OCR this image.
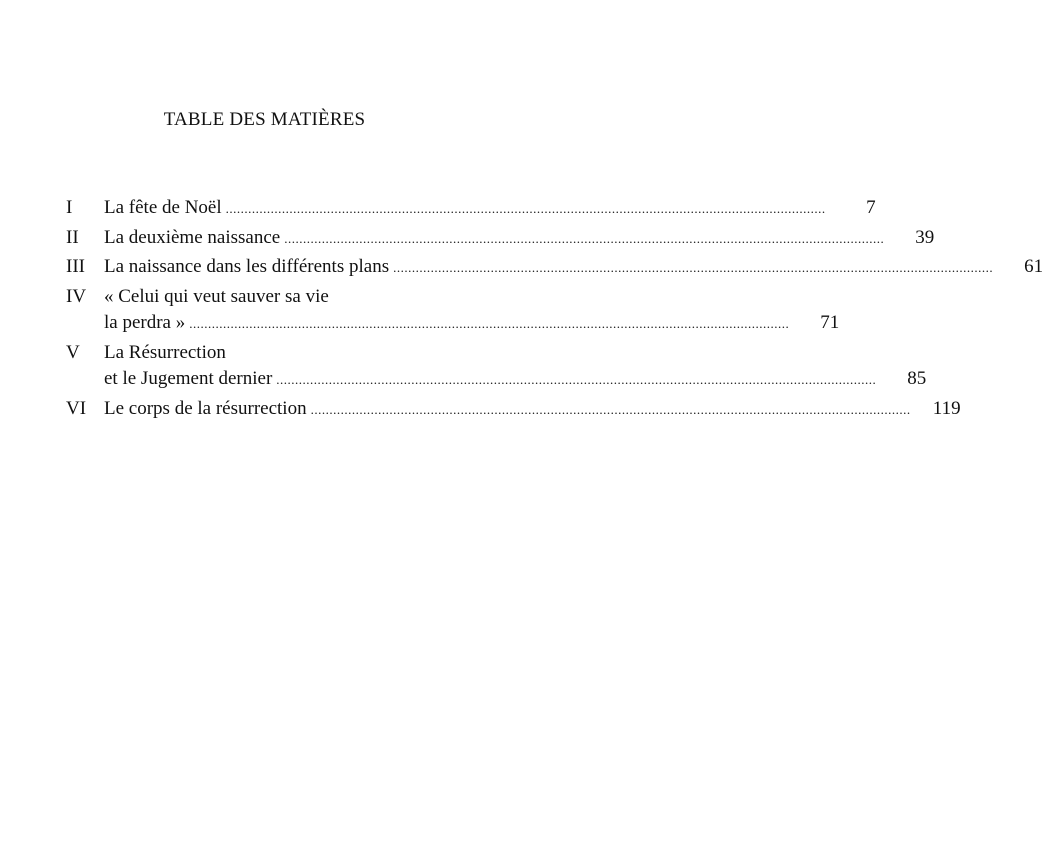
TABLE DES MATIÈRES
I	La fête de Noël .....	7
II	La deuxième naissance .....	39
III	La naissance dans les différents plans .....	61
IV « Celui qui veut sauver sa vie
la perdra » .....	71
V	La Résurrection
et le Jugement dernier .....	85
VI Le corps de la résurrection .....	119
